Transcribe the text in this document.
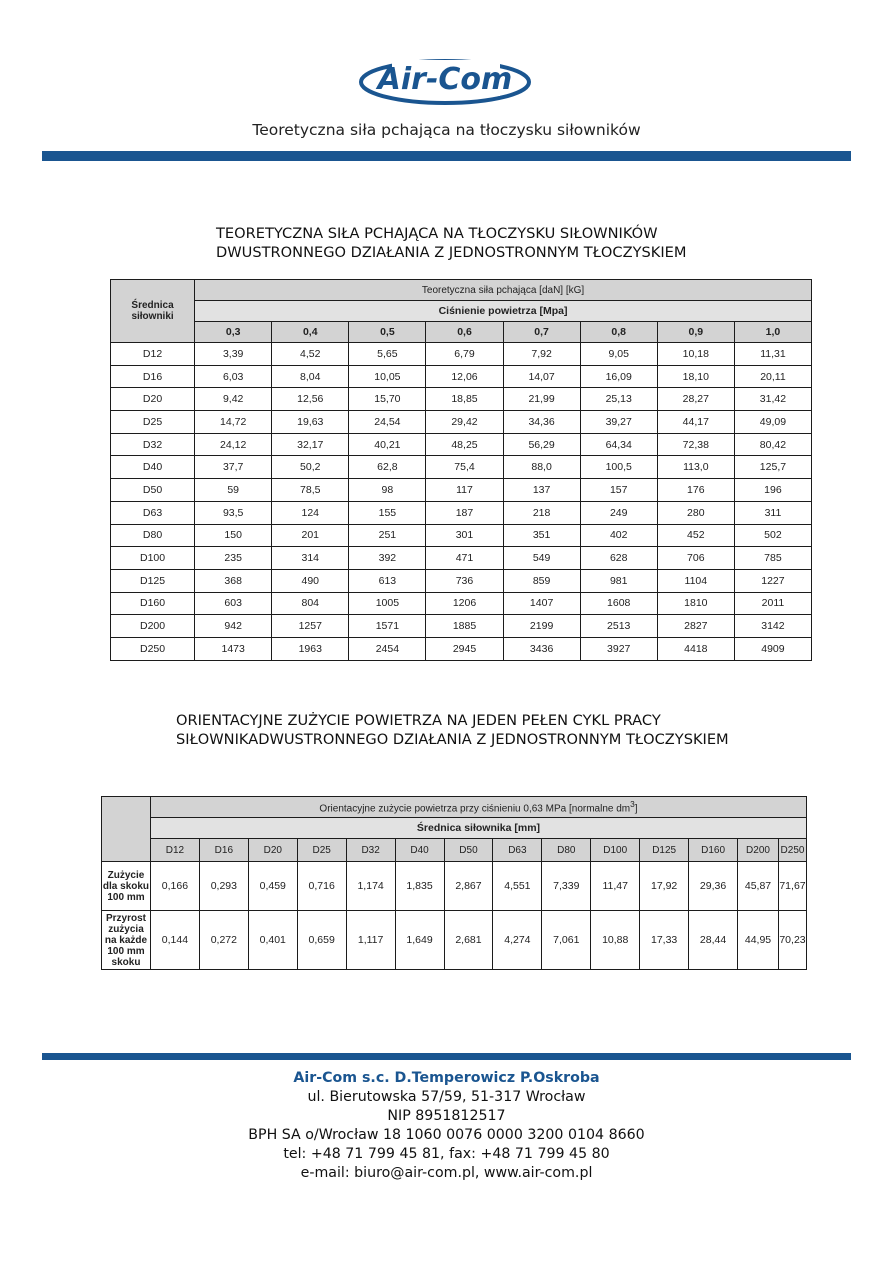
Air-Com
Teoretyczna siła pchająca na tłoczysku siłowników
TEORETYCZNA SIŁA PCHAJĄCA NA TŁOCZYSKU SIŁOWNIKÓW
DWUSTRONNEGO DZIAŁANIA Z JEDNOSTRONNYM TŁOCZYSKIEM
Średnica siłowniki	Teoretyczna siła pchająca [daN] [kG]							
	Ciśnienie powietrza [Mpa]							
	0,3	0,4	0,5	0,6	0,7	0,8	0,9	1,0
D12	3,39	4,52	5,65	6,79	7,92	9,05	10,18	11,31
D16	6,03	8,04	10,05	12,06	14,07	16,09	18,10	20,11
D20	9,42	12,56	15,70	18,85	21,99	25,13	28,27	31,42
D25	14,72	19,63	24,54	29,42	34,36	39,27	44,17	49,09
D32	24,12	32,17	40,21	48,25	56,29	64,34	72,38	80,42
D40	37,7	50,2	62,8	75,4	88,0	100,5	113,0	125,7
D50	59	78,5	98	117	137	157	176	196
D63	93,5	124	155	187	218	249	280	311
D80	150	201	251	301	351	402	452	502
D100	235	314	392	471	549	628	706	785
D125	368	490	613	736	859	981	1104	1227
D160	603	804	1005	1206	1407	1608	1810	2011
D200	942	1257	1571	1885	2199	2513	2827	3142
D250	1473	1963	2454	2945	3436	3927	4418	4909
ORIENTACYJNE ZUŻYCIE POWIETRZA NA JEDEN PEŁEN CYKL PRACY
SIŁOWNIKADWUSTRONNEGO DZIAŁANIA Z JEDNOSTRONNYM TŁOCZYSKIEM
	Orientacyjne zużycie powietrza przy ciśnieniu 0,63 MPa [normalne $dm^3$]													
	Średnica siłownika [mm]													
	D12	D16	D20	D25	D32	D40	D50	D63	D80	D100	D125	D160	D200	D250
Zużycie dla skoku 100 mm	0,166	0,293	0,459	0,716	1,174	1,835	2,867	4,551	7,339	11,47	17,92	29,36	45,87	71,67
Przyrost zużycia na każde 100 mm skoku	0,144	0,272	0,401	0,659	1,117	1,649	2,681	4,274	7,061	10,88	17,33	28,44	44,95	70,23
Air-Com s.c. D.Temperowicz P.Oskroba
ul. Bierutowska 57/59, 51-317 Wrocław
NIP 8951812517
BPH SA o/Wrocław 18 1060 0076 0000 3200 0104 8660
tel: +48 71 799 45 81, fax: +48 71 799 45 80
e-mail: biuro@air-com.pl, www.air-com.pl
